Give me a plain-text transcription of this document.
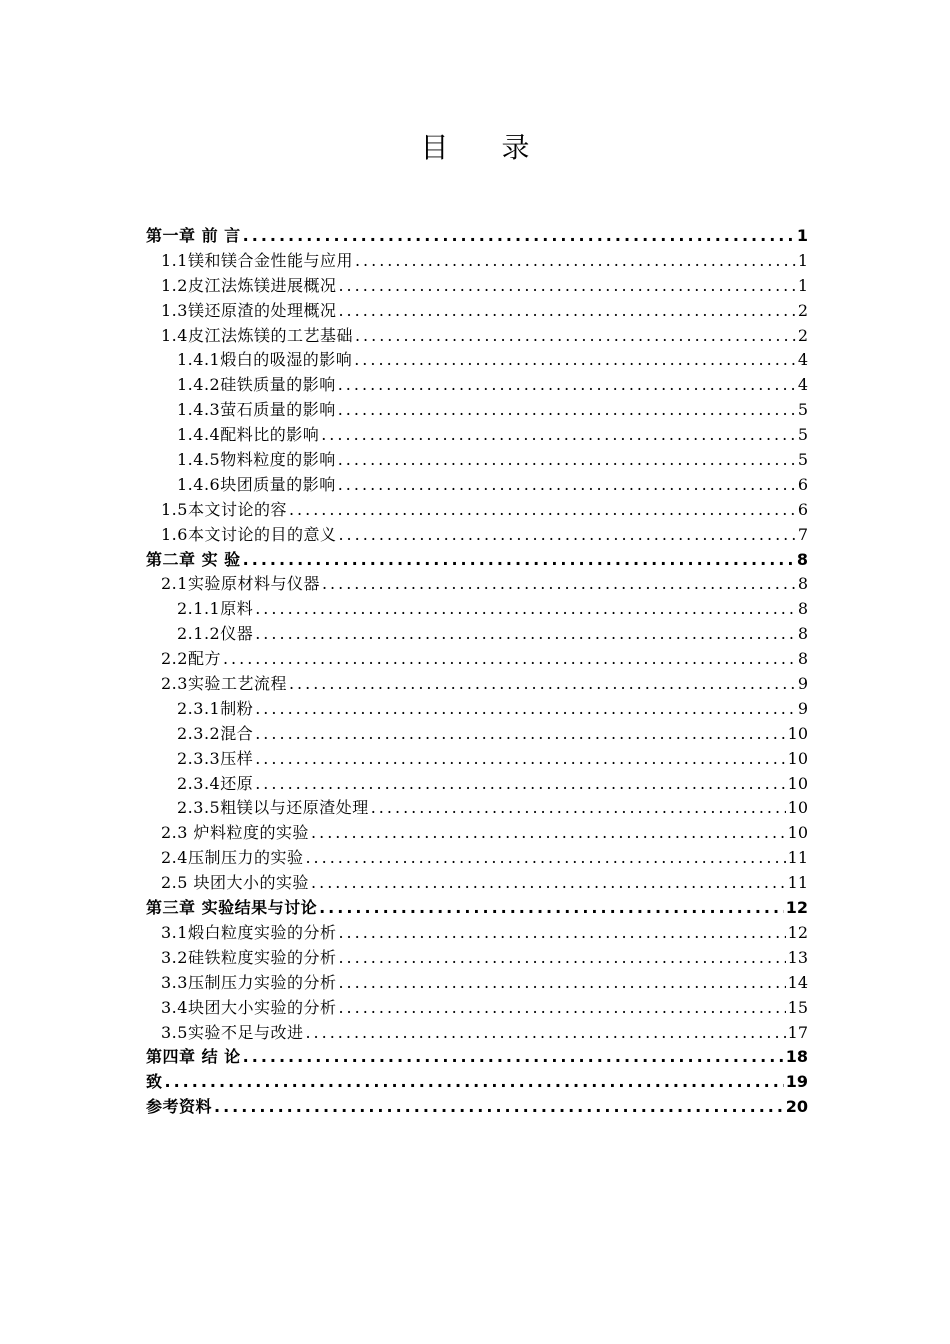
目 录
第一章 前 言 .....	1
1.1镁和镁合金性能与应用 .....	1
1.2皮江法炼镁进展概况 .....	1
1.3镁还原渣的处理概况 .....	2
1.4皮江法炼镁的工艺基础 .....	2
1.4.1煅白的吸湿的影响 .....	4
1.4.2硅铁质量的影响 .....	4
1.4.3萤石质量的影响 .....	5
1.4.4配料比的影响 .....	5
1.4.5物料粒度的影响 .....	5
1.4.6块团质量的影响 .....	6
1.5本文讨论的容 .....	6
1.6本文讨论的目的意义 .....	7
第二章 实 验 .....	8
2.1实验原材料与仪器 .....	8
2.1.1原料 .....	8
2.1.2仪器 .....	8
2.2配方 .....	8
2.3实验工艺流程 .....	9
2.3.1制粉 .....	9
2.3.2混合 .....	10
2.3.3压样 .....	10
2.3.4还原 .....	10
2.3.5粗镁以与还原渣处理 .....	10
2.3 炉料粒度的实验 .....	10
2.4压制压力的实验 .....	11
2.5 块团大小的实验 .....	11
第三章 实验结果与讨论 .....	12
3.1煅白粒度实验的分析 .....	12
3.2硅铁粒度实验的分析 .....	13
3.3压制压力实验的分析 .....	14
3.4块团大小实验的分析 .....	15
3.5实验不足与改进 .....	17
第四章 结 论 .....	18
致 .....	19
参考资料 .....	20
